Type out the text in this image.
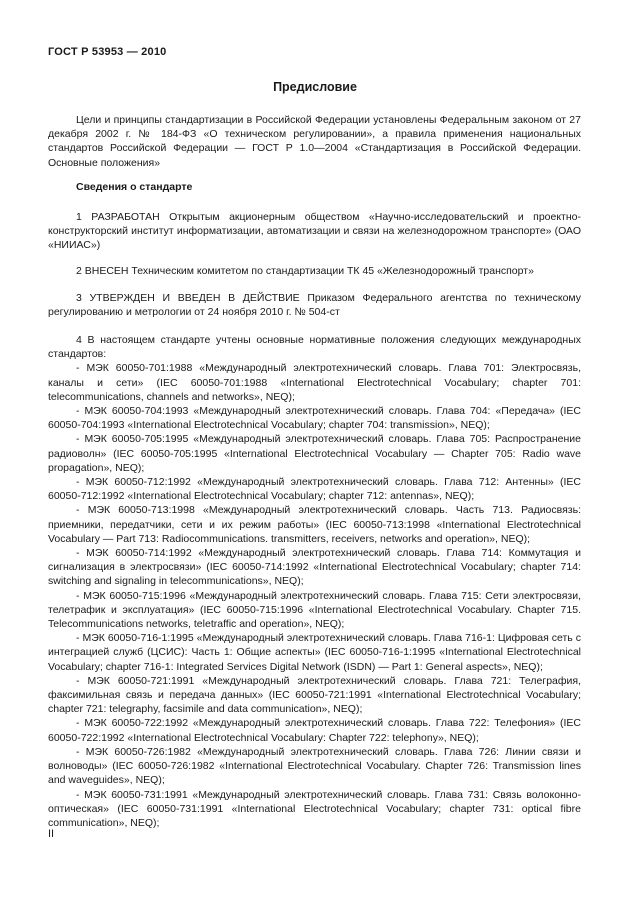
ГОСТ Р 53953 — 2010
Предисловие

Цели и принципы стандартизации в Российской Федерации установлены Федеральным законом от 27 декабря 2002 г. № 184-ФЗ «О техническом регулировании», а правила применения национальных стандартов Российской Федерации — ГОСТ Р 1.0—2004 «Стандартизация в Российской Федерации. Основные положения»

Сведения о стандарте

1 РАЗРАБОТАН Открытым акционерным обществом «Научно-исследовательский и проектно-конструкторский институт информатизации, автоматизации и связи на железнодорожном транспорте» (ОАО «НИИАС»)

2 ВНЕСЕН Техническим комитетом по стандартизации ТК 45 «Железнодорожный транспорт»

3 УТВЕРЖДЕН И ВВЕДЕН В ДЕЙСТВИЕ Приказом Федерального агентства по техническому регулированию и метрологии от 24 ноября 2010 г. № 504-ст

4 В настоящем стандарте учтены основные нормативные положения следующих международных стандартов:

- МЭК 60050-701:1988 «Международный электротехнический словарь. Глава 701: Электросвязь, каналы и сети» (IEC 60050-701:1988 «International Electrotechnical Vocabulary; chapter 701: telecommunications, channels and networks», NEQ);

- МЭК 60050-704:1993 «Международный электротехнический словарь. Глава 704: «Передача» (IEC 60050-704:1993 «International Electrotechnical Vocabulary; chapter 704: transmission», NEQ);

- МЭК 60050-705:1995 «Международный электротехнический словарь. Глава 705: Распространение радиоволн» (IEC 60050-705:1995 «International Electrotechnical Vocabulary — Chapter 705: Radio wave propagation», NEQ);

- МЭК 60050-712:1992 «Международный электротехнический словарь. Глава 712: Антенны» (IEC 60050-712:1992 «International Electrotechnical Vocabulary; chapter 712: antennas», NEQ);

- МЭК 60050-713:1998 «Международный электротехнический словарь. Часть 713. Радиосвязь: приемники, передатчики, сети и их режим работы» (IEC 60050-713:1998 «International Electrotechnical Vocabulary — Part 713: Radiocommunications. transmitters, receivers, networks and operation», NEQ);

- МЭК 60050-714:1992 «Международный электротехнический словарь. Глава 714: Коммутация и сигнализация в электросвязи» (IEC 60050-714:1992 «International Electrotechnical Vocabulary; chapter 714: switching and signaling in telecommunications», NEQ);

- МЭК 60050-715:1996 «Международный электротехнический словарь. Глава 715: Сети электросвязи, телетрафик и эксплуатация» (IEC 60050-715:1996 «International Electrotechnical Vocabulary. Chapter 715. Telecommunications networks, teletraffic and operation», NEQ);

- МЭК 60050-716-1:1995 «Международный электротехнический словарь. Глава 716-1: Цифровая сеть с интеграцией служб (ЦСИС): Часть 1: Общие аспекты» (IEC 60050-716-1:1995 «International Electrotechnical Vocabulary; chapter 716-1: Integrated Services Digital Network (ISDN) — Part 1: General aspects», NEQ);

- МЭК 60050-721:1991 «Международный электротехнический словарь. Глава 721: Телеграфия, факсимильная связь и передача данных» (IEC 60050-721:1991 «International Electrotechnical Vocabulary; chapter 721: telegraphy, facsimile and data communication», NEQ);

- МЭК 60050-722:1992 «Международный электротехнический словарь. Глава 722: Телефония» (IEC 60050-722:1992 «International Electrotechnical Vocabulary: Chapter 722: telephony», NEQ);

- МЭК 60050-726:1982 «Международный электротехнический словарь. Глава 726: Линии связи и волноводы» (IEC 60050-726:1982 «International Electrotechnical Vocabulary. Chapter 726: Transmission lines and waveguides», NEQ);

- МЭК 60050-731:1991 «Международный электротехнический словарь. Глава 731: Связь волоконно-оптическая» (IEC 60050-731:1991 «International Electrotechnical Vocabulary; chapter 731: optical fibre communication», NEQ);

II
